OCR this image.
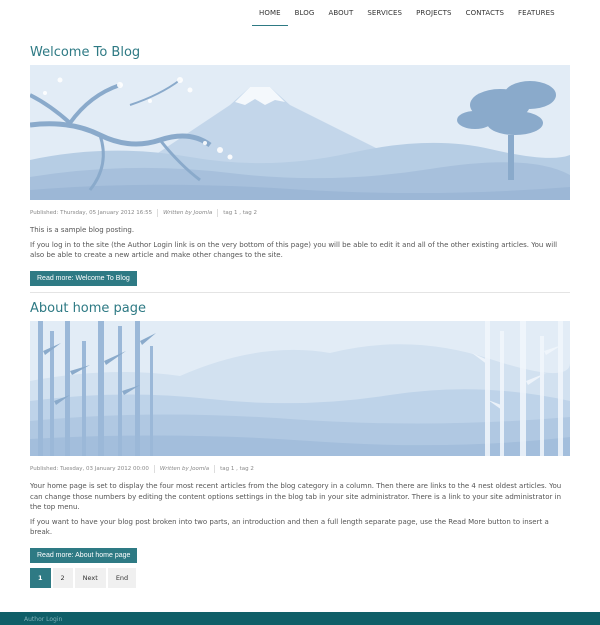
HOME	BLOG	ABOUT	SERVICES	PROJECTS	CONTACTS	FEATURES
Welcome To Blog
Published: Thursday, 05 January 2012 16:55	Written by Joomla	tag 1 , tag 2

This is a sample blog posting.

If you log in to the site (the Author Login link is on the very bottom of this page) you will be able to edit it and all of the other existing articles. You will also be able to create a new article and make other changes to the site.

Read more: Welcome To Blog
About home page
Published: Tuesday, 03 January 2012 00:00	Written by Joomla	tag 1 , tag 2

Your home page is set to display the four most recent articles from the blog category in a column. Then there are links to the 4 nest oldest articles. You can change those numbers by editing the content options settings in the blog tab in your site administrator. There is a link to your site administrator in the top menu.

If you want to have your blog post broken into two parts, an introduction and then a full length separate page, use the Read More button to insert a break.

Read more: About home page
1	2	Next	End
Author Login
